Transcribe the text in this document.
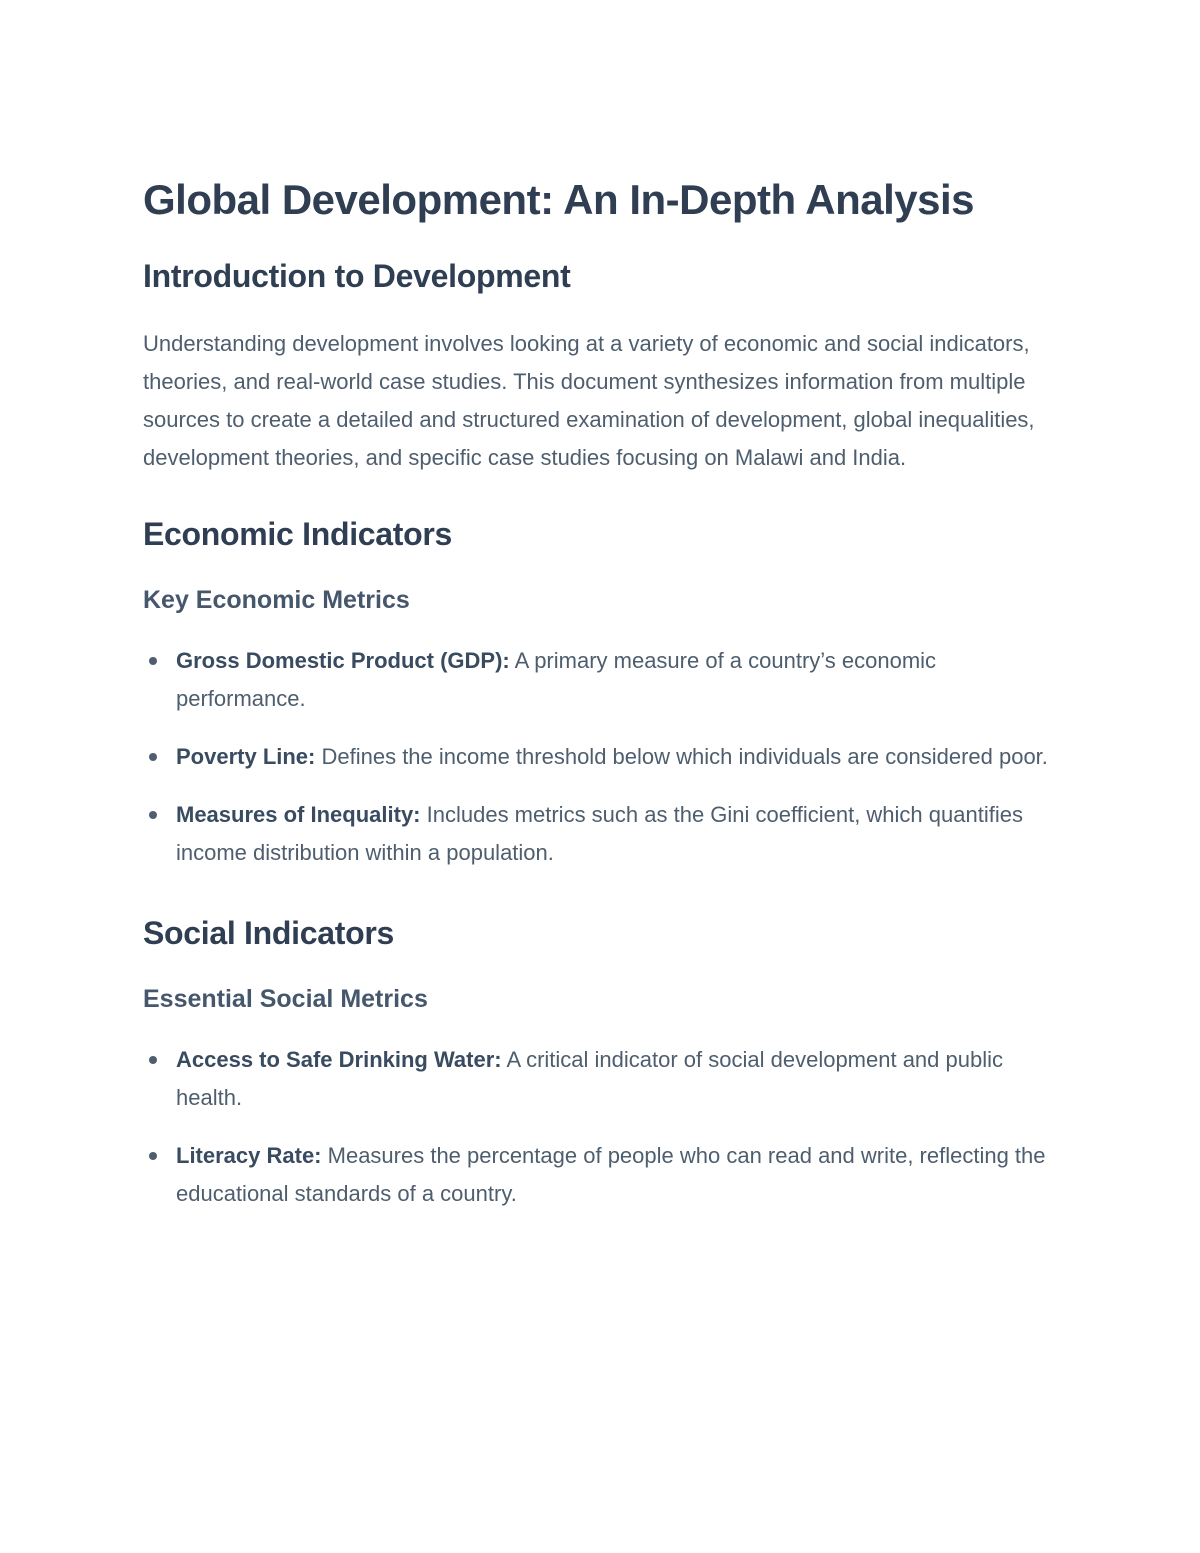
Global Development: An In-Depth Analysis
Introduction to Development

Understanding development involves looking at a variety of economic and social indicators, theories, and real-world case studies. This document synthesizes information from multiple sources to create a detailed and structured examination of development, global inequalities, development theories, and specific case studies focusing on Malawi and India.

Economic Indicators
Key Economic Metrics
Gross Domestic Product (GDP): A primary measure of a country’s economic performance.
Poverty Line: Defines the income threshold below which individuals are considered poor.
Measures of Inequality: Includes metrics such as the Gini coefficient, which quantifies income distribution within a population.
Social Indicators
Essential Social Metrics
Access to Safe Drinking Water: A critical indicator of social development and public health.
Literacy Rate: Measures the percentage of people who can read and write, reflecting the educational standards of a country.
